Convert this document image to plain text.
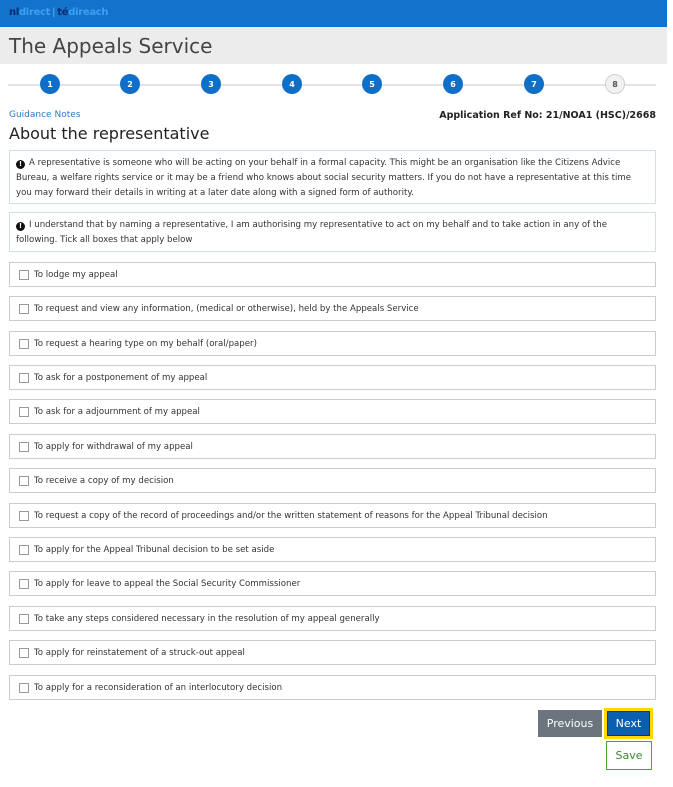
nldirect | tédireach
The Appeals Service
1	2	3	4	5	6	7	8
Guidance Notes	Application Ref No: 21/NOA1 (HSC)/2668
About the representative
! A representative is someone who will be acting on your behalf in a formal capacity. This might be an organisation like the Citizens Advice Bureau, a welfare rights service or it may be a friend who knows about social security matters. If you do not have a representative at this time you may forward their details in writing at a later date along with a signed form of authority.
! I understand that by naming a representative, I am authorising my representative to act on my behalf and to take action in any of the following. Tick all boxes that apply below
To lodge my appeal
To request and view any information, (medical or otherwise), held by the Appeals Service
To request a hearing type on my behalf (oral/paper)
To ask for a postponement of my appeal
To ask for a adjournment of my appeal
To apply for withdrawal of my appeal
To receive a copy of my decision
To request a copy of the record of proceedings and/or the written statement of reasons for the Appeal Tribunal decision
To apply for the Appeal Tribunal decision to be set aside
To apply for leave to appeal the Social Security Commissioner
To take any steps considered necessary in the resolution of my appeal generally
To apply for reinstatement of a struck-out appeal
To apply for a reconsideration of an interlocutory decision
Previous	Next
Save
